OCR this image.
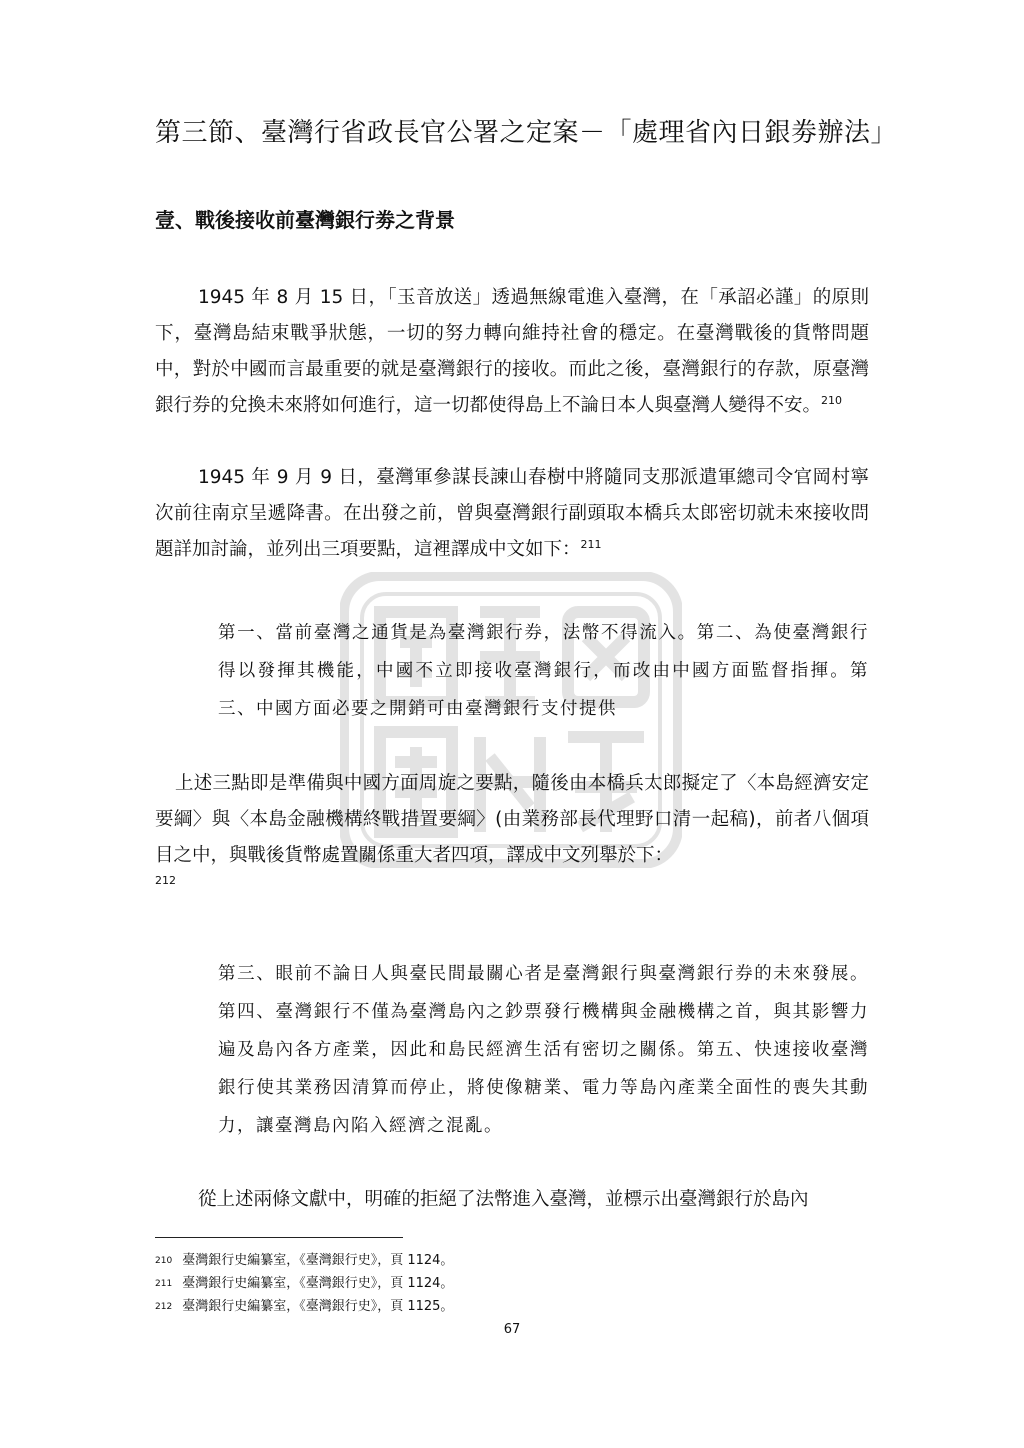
第三節、臺灣行省政長官公署之定案－「處理省內日銀劵辦法」
壹、戰後接收前臺灣銀行劵之背景
1945 年 8 月 15 日，「玉音放送」透過無線電進入臺灣，在「承詔必謹」的原則下，臺灣島結束戰爭狀態，一切的努力轉向維持社會的穩定。在臺灣戰後的貨幣問題中，對於中國而言最重要的就是臺灣銀行的接收。而此之後，臺灣銀行的存款，原臺灣銀行券的兌換未來將如何進行，這一切都使得島上不論日本人與臺灣人變得不安。$^{210}$
1945 年 9 月 9 日，臺灣軍參謀長諫山春樹中將隨同支那派遣軍總司令官岡村寧次前往南京呈遞降書。在出發之前，曾與臺灣銀行副頭取本橋兵太郎密切就未來接收問題詳加討論，並列出三項要點，這裡譯成中文如下：$^{211}$
第一、當前臺灣之通貨是為臺灣銀行券，法幣不得流入。第二、為使臺灣銀行得以發揮其機能，中國不立即接收臺灣銀行，而改由中國方面監督指揮。第三、中國方面必要之開銷可由臺灣銀行支付提供
上述三點即是準備與中國方面周旋之要點，隨後由本橋兵太郎擬定了〈本島經濟安定要綱〉與〈本島金融機構終戰措置要綱〉(由業務部長代理野口清一起稿)，前者八個項目之中，與戰後貨幣處置關係重大者四項，譯成中文列舉於下：
212
第三、眼前不論日人與臺民間最關心者是臺灣銀行與臺灣銀行券的未來發展。第四、臺灣銀行不僅為臺灣島內之鈔票發行機構與金融機構之首，與其影響力遍及島內各方產業，因此和島民經濟生活有密切之關係。第五、快速接收臺灣銀行使其業務因清算而停止，將使像糖業、電力等島內產業全面性的喪失其動力，讓臺灣島內陷入經濟之混亂。
從上述兩條文獻中，明確的拒絕了法幣進入臺灣，並標示出臺灣銀行於島內
$^{210}$ 臺灣銀行史編纂室，《臺灣銀行史》，頁 1124。
$^{211}$ 臺灣銀行史編纂室，《臺灣銀行史》，頁 1124。
$^{212}$ 臺灣銀行史編纂室，《臺灣銀行史》，頁 1125。
67
